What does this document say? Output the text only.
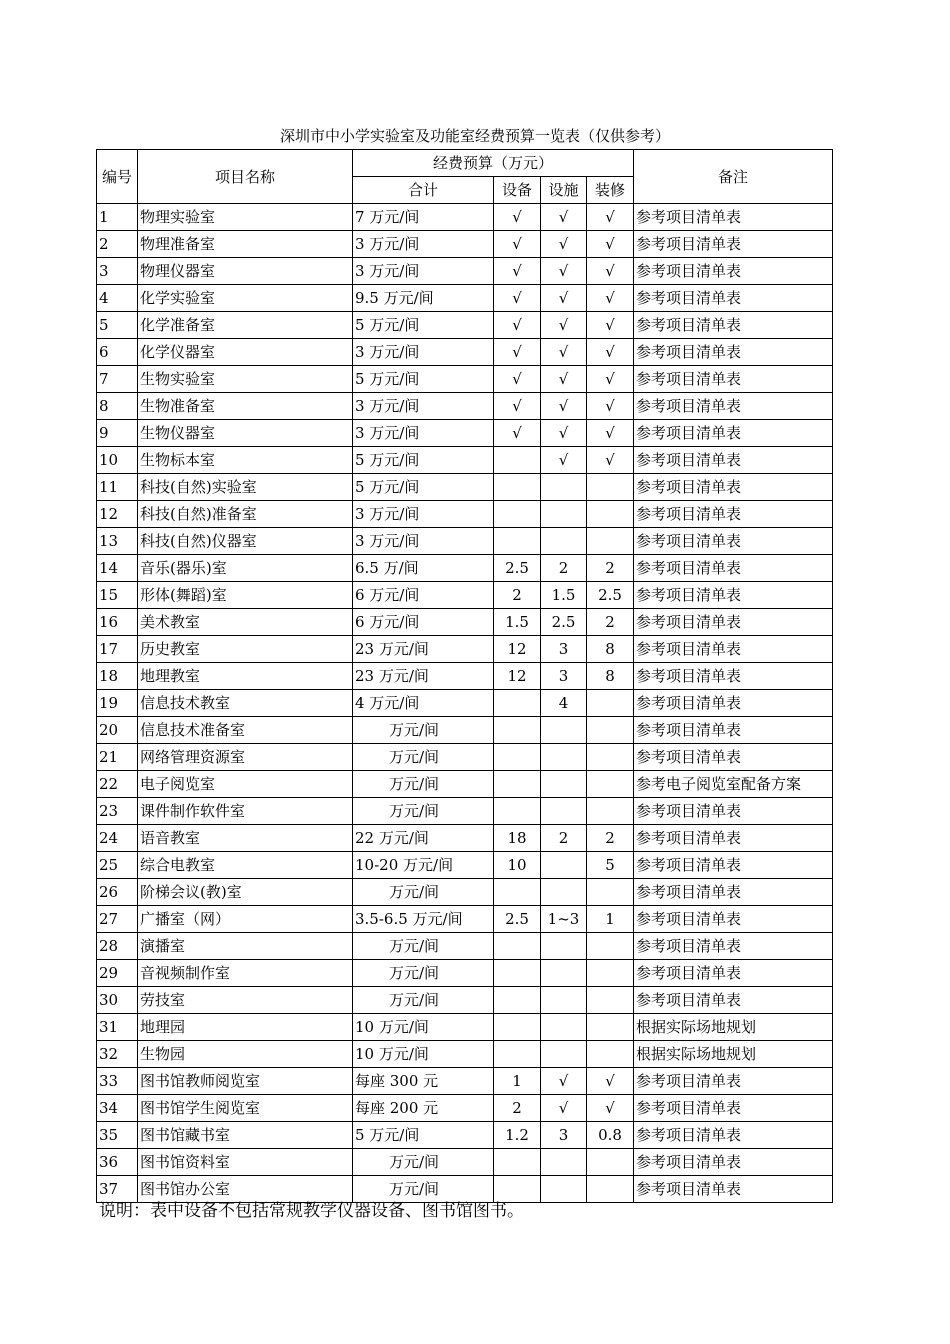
深圳市中小学实验室及功能室经费预算一览表（仅供参考）
编号	项目名称	经费预算（万元）				备注
		合计	设备	设施	装修	
1	物理实验室	7 万元/间	√	√	√	参考项目清单表
2	物理准备室	3 万元/间	√	√	√	参考项目清单表
3	物理仪器室	3 万元/间	√	√	√	参考项目清单表
4	化学实验室	9.5 万元/间	√	√	√	参考项目清单表
5	化学准备室	5 万元/间	√	√	√	参考项目清单表
6	化学仪器室	3 万元/间	√	√	√	参考项目清单表
7	生物实验室	5 万元/间	√	√	√	参考项目清单表
8	生物准备室	3 万元/间	√	√	√	参考项目清单表
9	生物仪器室	3 万元/间	√	√	√	参考项目清单表
10	生物标本室	5 万元/间		√	√	参考项目清单表
11	科技(自然)实验室	5 万元/间				参考项目清单表
12	科技(自然)准备室	3 万元/间				参考项目清单表
13	科技(自然)仪器室	3 万元/间				参考项目清单表
14	音乐(器乐)室	6.5 万/间	2.5	2	2	参考项目清单表
15	形体(舞蹈)室	6 万元/间	2	1.5	2.5	参考项目清单表
16	美术教室	6 万元/间	1.5	2.5	2	参考项目清单表
17	历史教室	23 万元/间	12	3	8	参考项目清单表
18	地理教室	23 万元/间	12	3	8	参考项目清单表
19	信息技术教室	4 万元/间		4		参考项目清单表
20	信息技术准备室	万元/间				参考项目清单表
21	网络管理资源室	万元/间				参考项目清单表
22	电子阅览室	万元/间				参考电子阅览室配备方案
23	课件制作软件室	万元/间				参考项目清单表
24	语音教室	22 万元/间	18	2	2	参考项目清单表
25	综合电教室	10-20 万元/间	10		5	参考项目清单表
26	阶梯会议(教)室	万元/间				参考项目清单表
27	广播室（网）	3.5-6.5 万元/间	2.5	1~3	1	参考项目清单表
28	演播室	万元/间				参考项目清单表
29	音视频制作室	万元/间				参考项目清单表
30	劳技室	万元/间				参考项目清单表
31	地理园	10 万元/间				根据实际场地规划
32	生物园	10 万元/间				根据实际场地规划
33	图书馆教师阅览室	每座 300 元	1	√	√	参考项目清单表
34	图书馆学生阅览室	每座 200 元	2	√	√	参考项目清单表
35	图书馆藏书室	5 万元/间	1.2	3	0.8	参考项目清单表
36	图书馆资料室	万元/间				参考项目清单表
37	图书馆办公室	万元/间				参考项目清单表
说明：表中设备不包括常规教学仪器设备、图书馆图书。
